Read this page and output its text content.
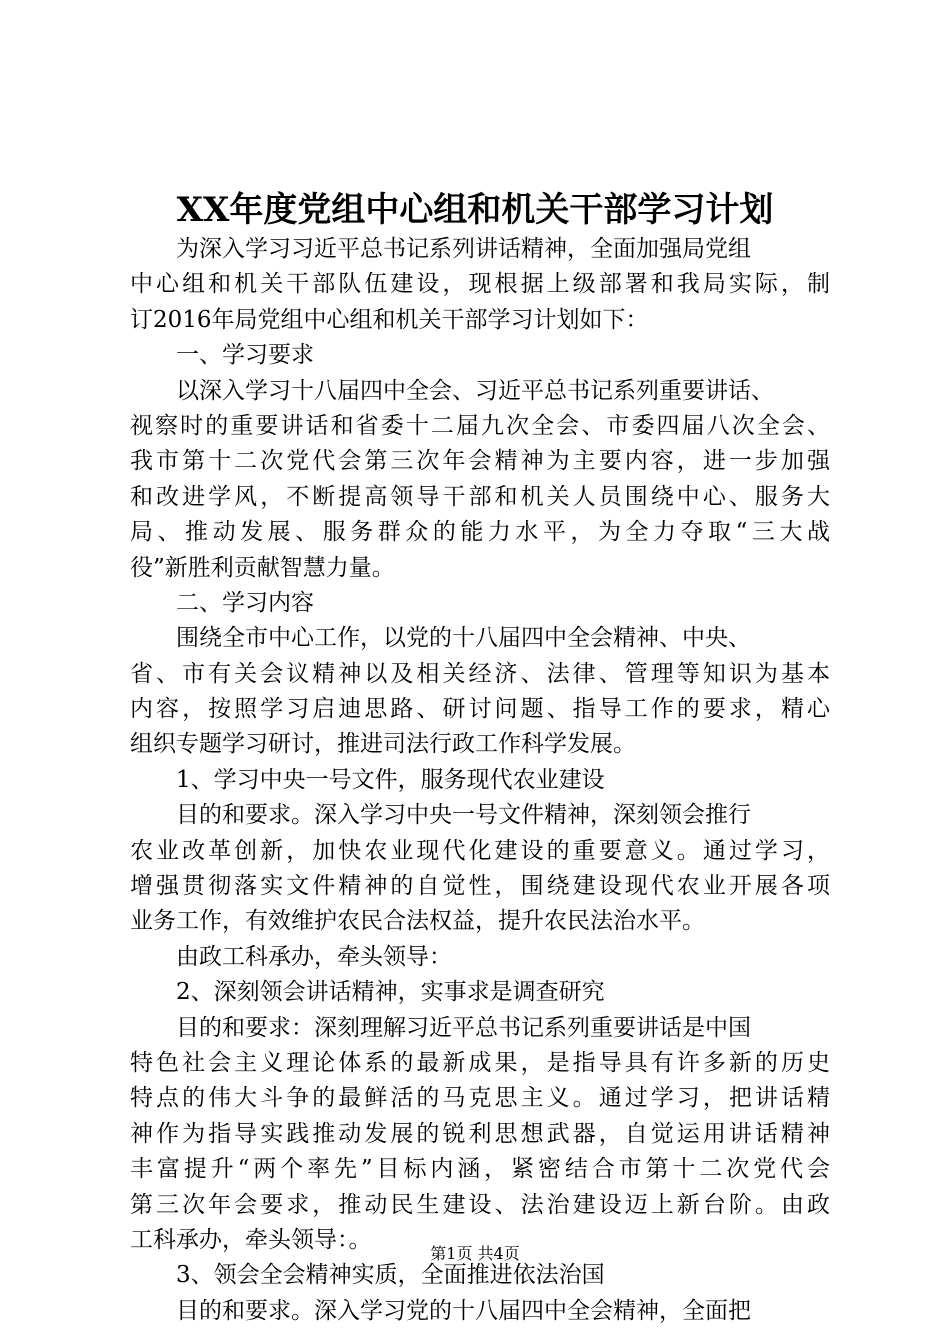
XX年度党组中心组和机关干部学习计划
为深入学习习近平总书记系列讲话精神，全面加强局党组
中心组和机关干部队伍建设，现根据上级部署和我局实际，制
订2016年局党组中心组和机关干部学习计划如下：
一、学习要求
以深入学习十八届四中全会、习近平总书记系列重要讲话、
视察时的重要讲话和省委十二届九次全会、市委四届八次全会、
我市第十二次党代会第三次年会精神为主要内容，进一步加强
和改进学风，不断提高领导干部和机关人员围绕中心、服务大
局、推动发展、服务群众的能力水平，为全力夺取“三大战
役”新胜利贡献智慧力量。
二、学习内容
围绕全市中心工作，以党的十八届四中全会精神、中央、
省、市有关会议精神以及相关经济、法律、管理等知识为基本
内容，按照学习启迪思路、研讨问题、指导工作的要求，精心
组织专题学习研讨，推进司法行政工作科学发展。
1、学习中央一号文件，服务现代农业建设
目的和要求。深入学习中央一号文件精神，深刻领会推行
农业改革创新，加快农业现代化建设的重要意义。通过学习，
增强贯彻落实文件精神的自觉性，围绕建设现代农业开展各项
业务工作，有效维护农民合法权益，提升农民法治水平。
由政工科承办，牵头领导：
2、深刻领会讲话精神，实事求是调查研究
目的和要求：深刻理解习近平总书记系列重要讲话是中国
特色社会主义理论体系的最新成果，是指导具有许多新的历史
特点的伟大斗争的最鲜活的马克思主义。通过学习，把讲话精
神作为指导实践推动发展的锐利思想武器，自觉运用讲话精神
丰富提升“两个率先”目标内涵，紧密结合市第十二次党代会
第三次年会要求，推动民生建设、法治建设迈上新台阶。由政
工科承办，牵头领导：。
3、领会全会精神实质，全面推进依法治国
目的和要求。深入学习党的十八届四中全会精神，全面把
第1页 共4页
